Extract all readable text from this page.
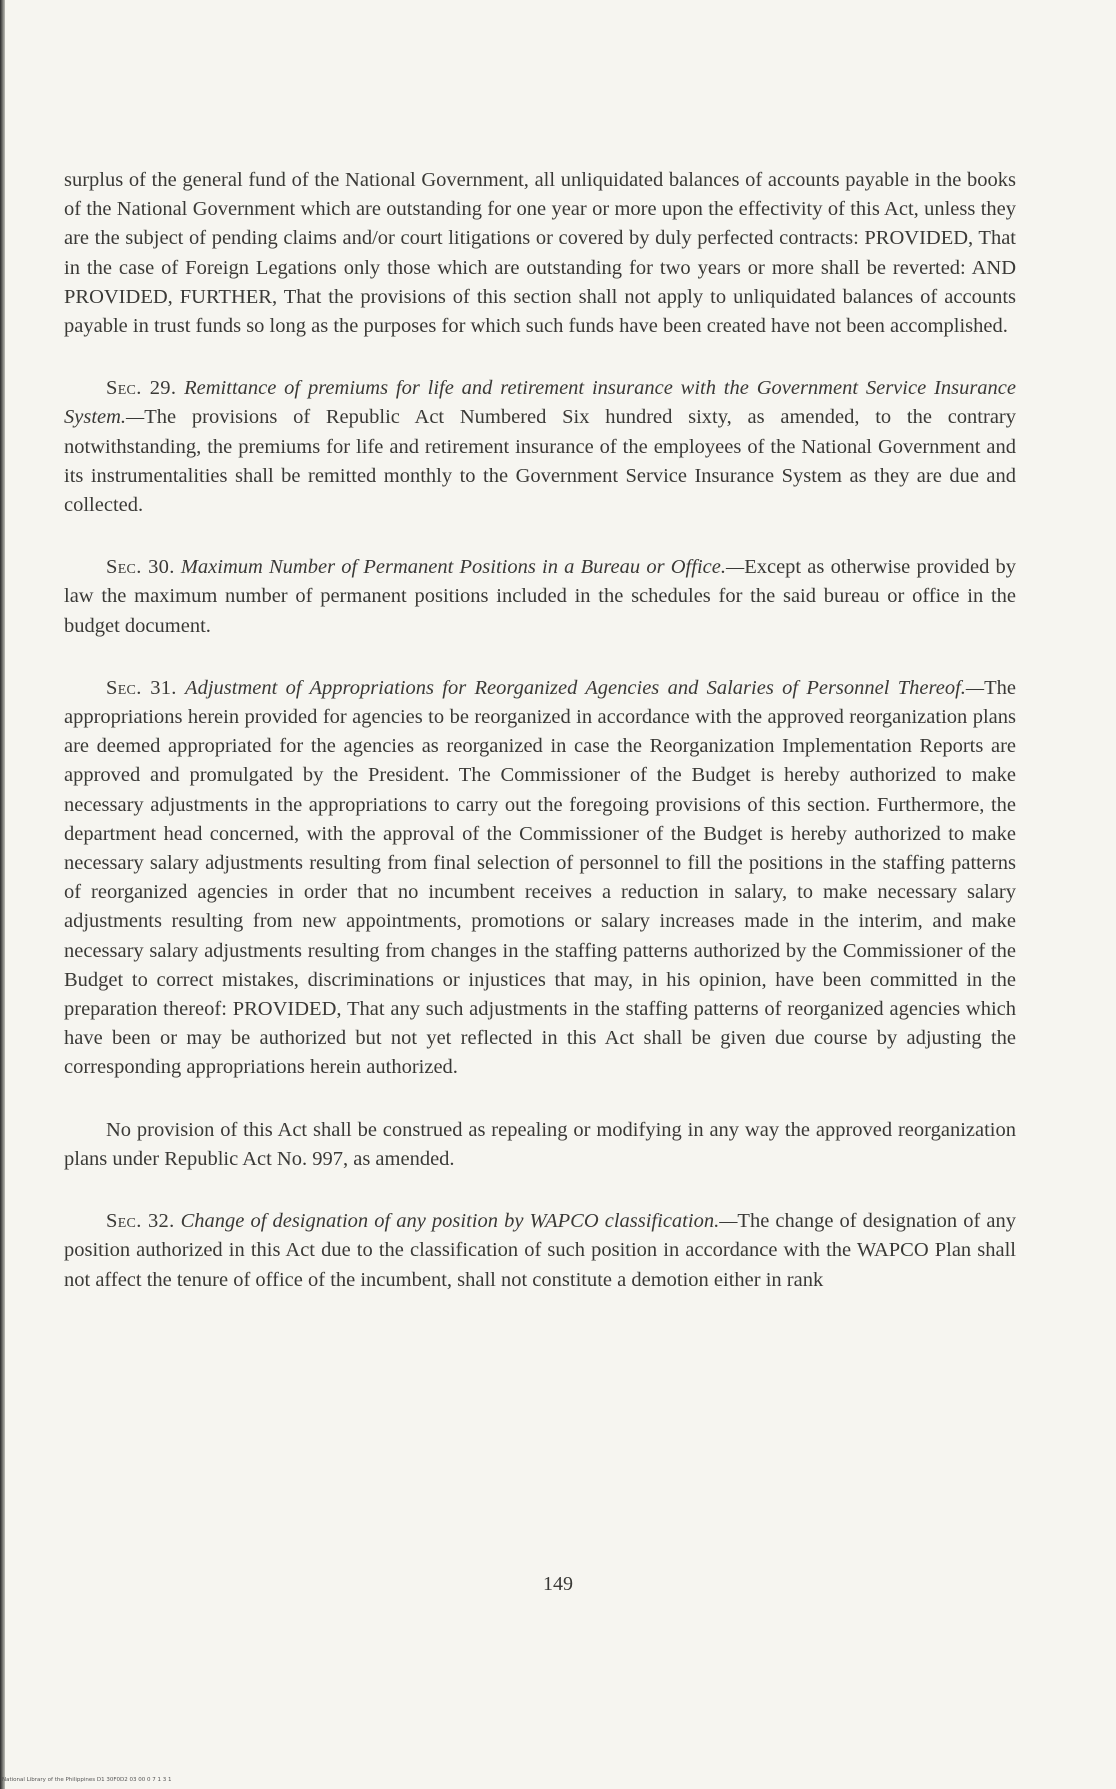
surplus of the general fund of the National Government, all unliquidated balances of accounts payable in the books of the National Government which are outstanding for one year or more upon the effectivity of this Act, unless they are the subject of pending claims and/or court litigations or covered by duly perfected contracts: PROVIDED, That in the case of Foreign Legations only those which are outstanding for two years or more shall be reverted: AND PROVIDED, FURTHER, That the provisions of this section shall not apply to unliquidated balances of accounts payable in trust funds so long as the purposes for which such funds have been created have not been accomplished.

Sec. 29. Remittance of premiums for life and retirement insurance with the Government Service Insurance System.—The provisions of Republic Act Numbered Six hundred sixty, as amended, to the contrary notwithstanding, the premiums for life and retirement insurance of the employees of the National Government and its instrumentalities shall be remitted monthly to the Government Service Insurance System as they are due and collected.

Sec. 30. Maximum Number of Permanent Positions in a Bureau or Office.—Except as otherwise provided by law the maximum number of permanent positions included in the schedules for the said bureau or office in the budget document.

Sec. 31. Adjustment of Appropriations for Reorganized Agencies and Salaries of Personnel Thereof.—The appropriations herein provided for agencies to be reorganized in accordance with the approved reorganization plans are deemed appropriated for the agencies as reorganized in case the Reorganization Implementation Reports are approved and promulgated by the President. The Commissioner of the Budget is hereby authorized to make necessary adjustments in the appropriations to carry out the foregoing provisions of this section. Furthermore, the department head concerned, with the approval of the Commissioner of the Budget is hereby authorized to make necessary salary adjustments resulting from final selection of personnel to fill the positions in the staffing patterns of reorganized agencies in order that no incumbent receives a reduction in salary, to make necessary salary adjustments resulting from new appointments, promotions or salary increases made in the interim, and make necessary salary adjustments resulting from changes in the staffing patterns authorized by the Commissioner of the Budget to correct mistakes, discriminations or injustices that may, in his opinion, have been committed in the preparation thereof: PROVIDED, That any such adjustments in the staffing patterns of reorganized agencies which have been or may be authorized but not yet reflected in this Act shall be given due course by adjusting the corresponding appropriations herein authorized.

No provision of this Act shall be construed as repealing or modifying in any way the approved reorganization plans under Republic Act No. 997, as amended.

Sec. 32. Change of designation of any position by WAPCO classification.—The change of designation of any position authorized in this Act due to the classification of such position in accordance with the WAPCO Plan shall not affect the tenure of office of the incumbent, shall not constitute a demotion either in rank

149
National Library of the Philippines D1 30F0D2 03 00 0 7 1 3 1
